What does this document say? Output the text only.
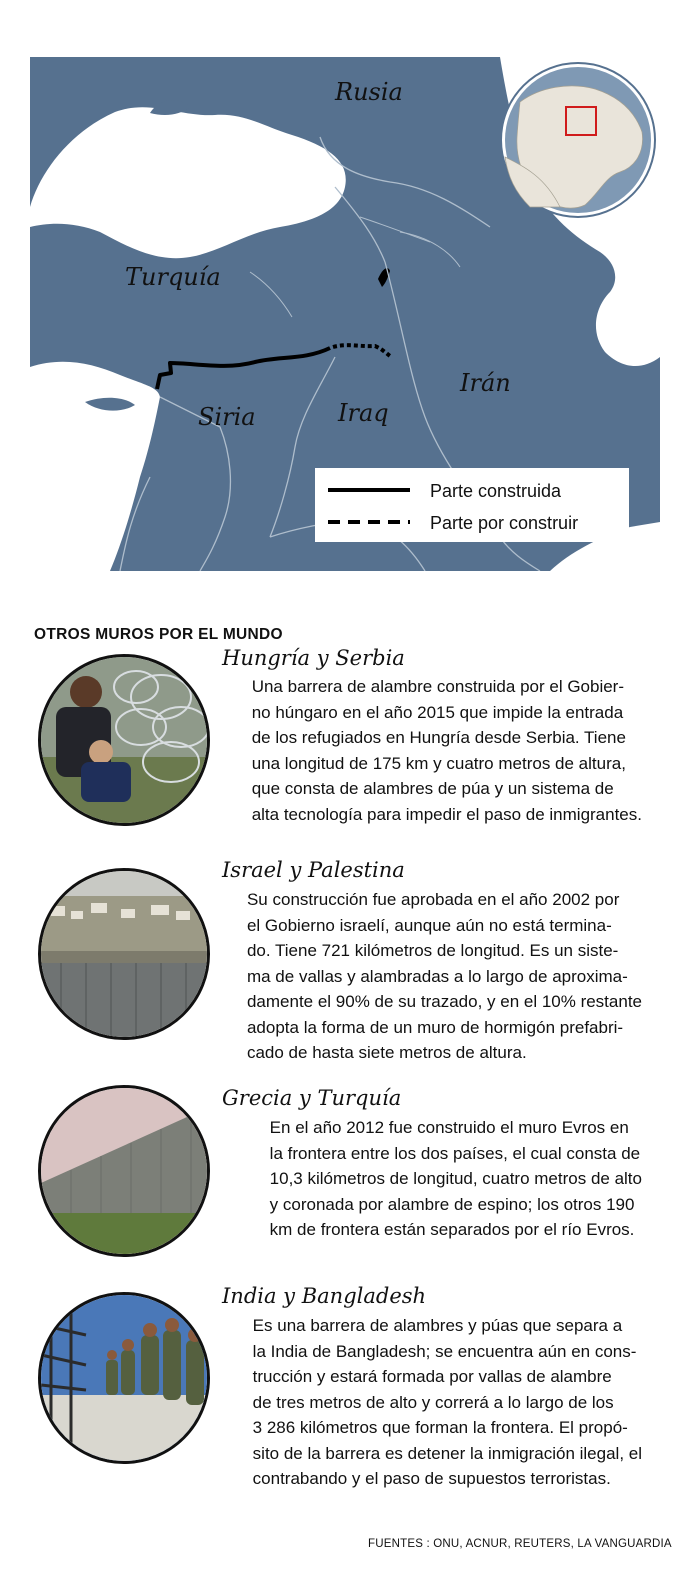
Rusia
Turquía
Siria	Iraq
Irán
Parte construida
Parte por construir
OTROS MUROS POR EL MUNDO
Hungría y Serbia
Una barrera de alambre construida por el Gobier-
no húngaro en el año 2015 que impide la entrada
de los refugiados en Hungría desde Serbia. Tiene
una longitud de 175 km y cuatro metros de altura,
que consta de alambres de púa y un sistema de
alta tecnología para impedir el paso de inmigrantes.
Israel y Palestina
Su construcción fue aprobada en el año 2002 por
el Gobierno israelí, aunque aún no está termina-
do. Tiene 721 kilómetros de longitud. Es un siste-
ma de vallas y alambradas a lo largo de aproxima-
damente el 90% de su trazado, y en el 10% restante
adopta la forma de un muro de hormigón prefabri-
cado de hasta siete metros de altura.
Grecia y Turquía
En el año 2012 fue construido el muro Evros en
la frontera entre los dos países, el cual consta de
10,3 kilómetros de longitud, cuatro metros de alto
y coronada por alambre de espino; los otros 190
km de frontera están separados por el río Evros.
India y Bangladesh
Es una barrera de alambres y púas que separa a
la India de Bangladesh; se encuentra aún en cons-
trucción y estará formada por vallas de alambre
de tres metros de alto y correrá a lo largo de los
3 286 kilómetros que forman la frontera. El propó-
sito de la barrera es detener la inmigración ilegal, el
contrabando y el paso de supuestos terroristas.
FUENTES : ONU, ACNUR, REUTERS, LA VANGUARDIA
